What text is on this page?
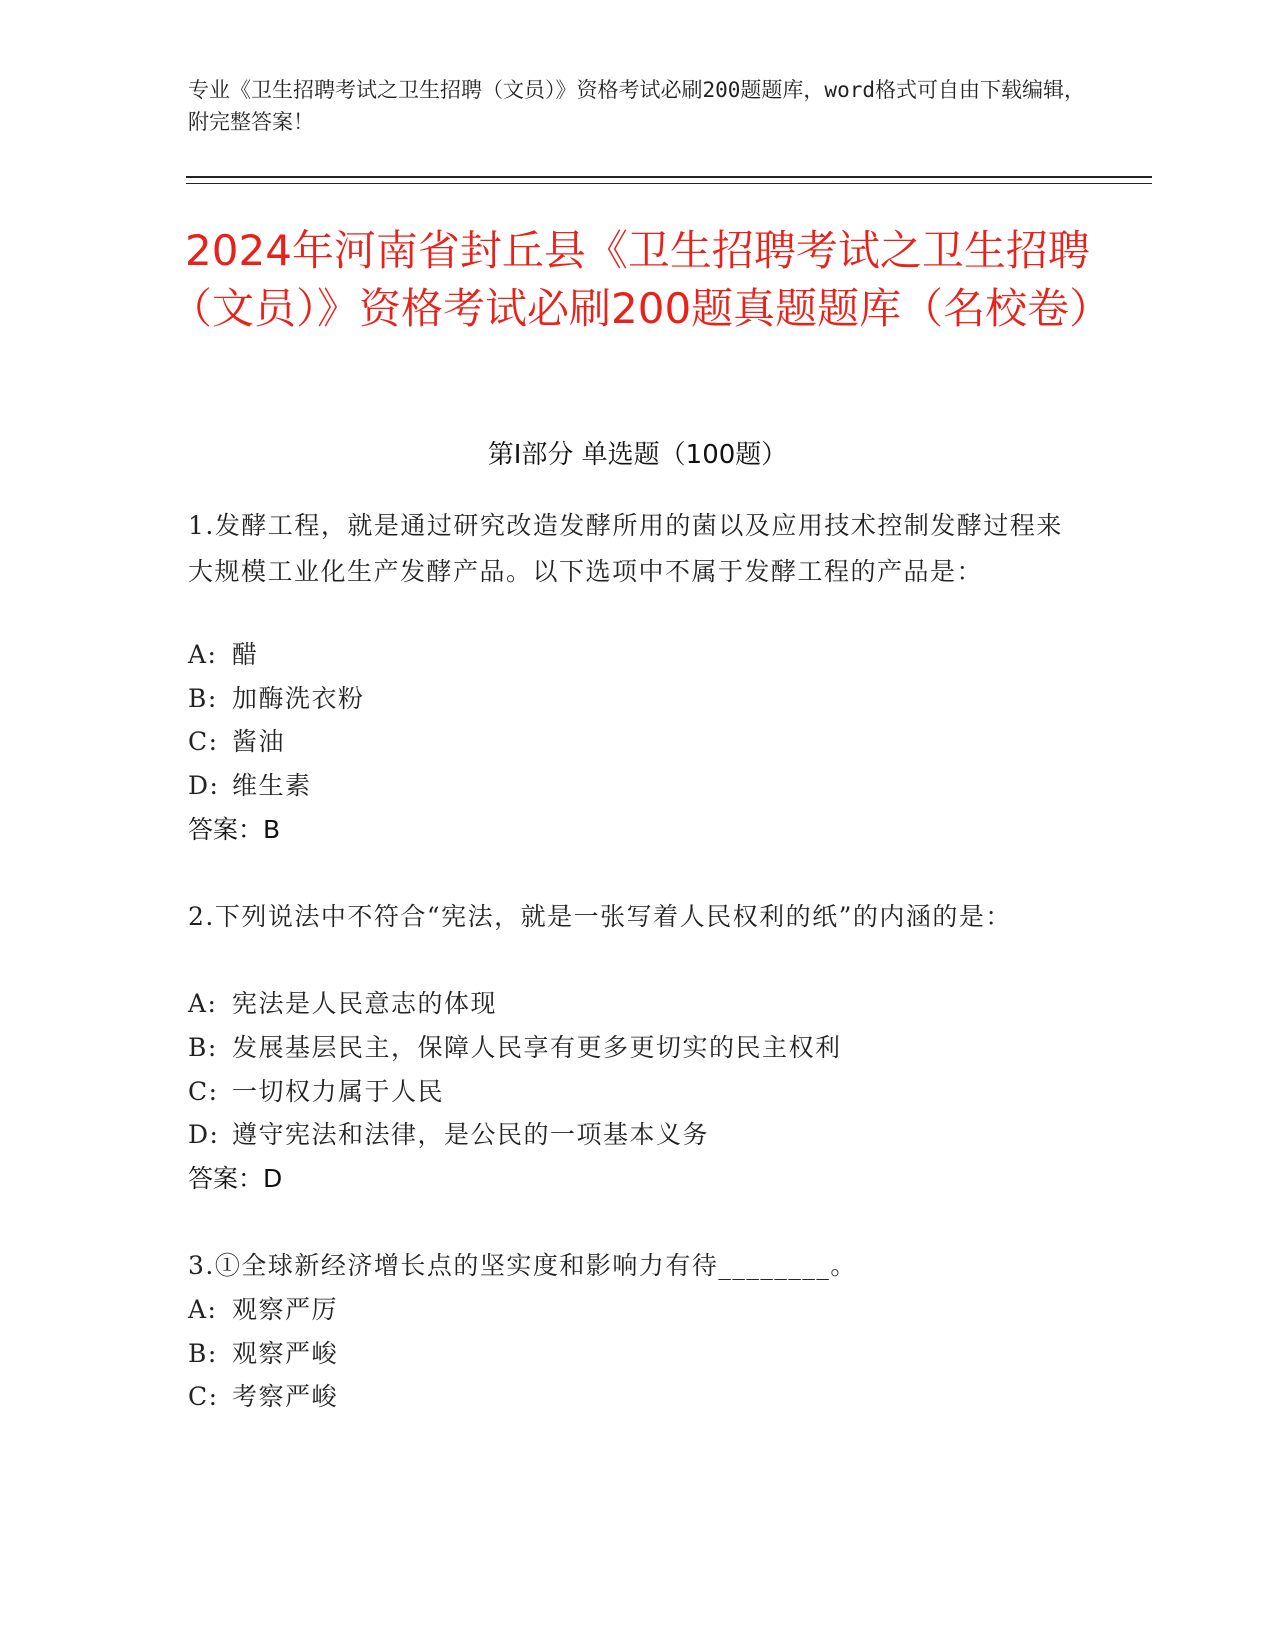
专业《卫生招聘考试之卫生招聘（文员）》资格考试必刷200题题库，word格式可自由下载编辑，附完整答案！
2024年河南省封丘县《卫生招聘考试之卫生招聘（文员）》资格考试必刷200题真题题库（名校卷）
第Ⅰ部分 单选题（100题）
1.发酵工程，就是通过研究改造发酵所用的菌以及应用技术控制发酵过程来大规模工业化生产发酵产品。以下选项中不属于发酵工程的产品是：
A: 醋
B: 加酶洗衣粉
C: 酱油
D: 维生素
答案：B
2.下列说法中不符合“宪法，就是一张写着人民权利的纸”的内涵的是：
A: 宪法是人民意志的体现
B: 发展基层民主，保障人民享有更多更切实的民主权利
C: 一切权力属于人民
D: 遵守宪法和法律，是公民的一项基本义务
答案：D
3.①全球新经济增长点的坚实度和影响力有待________。
A: 观察严厉
B: 观察严峻
C: 考察严峻
